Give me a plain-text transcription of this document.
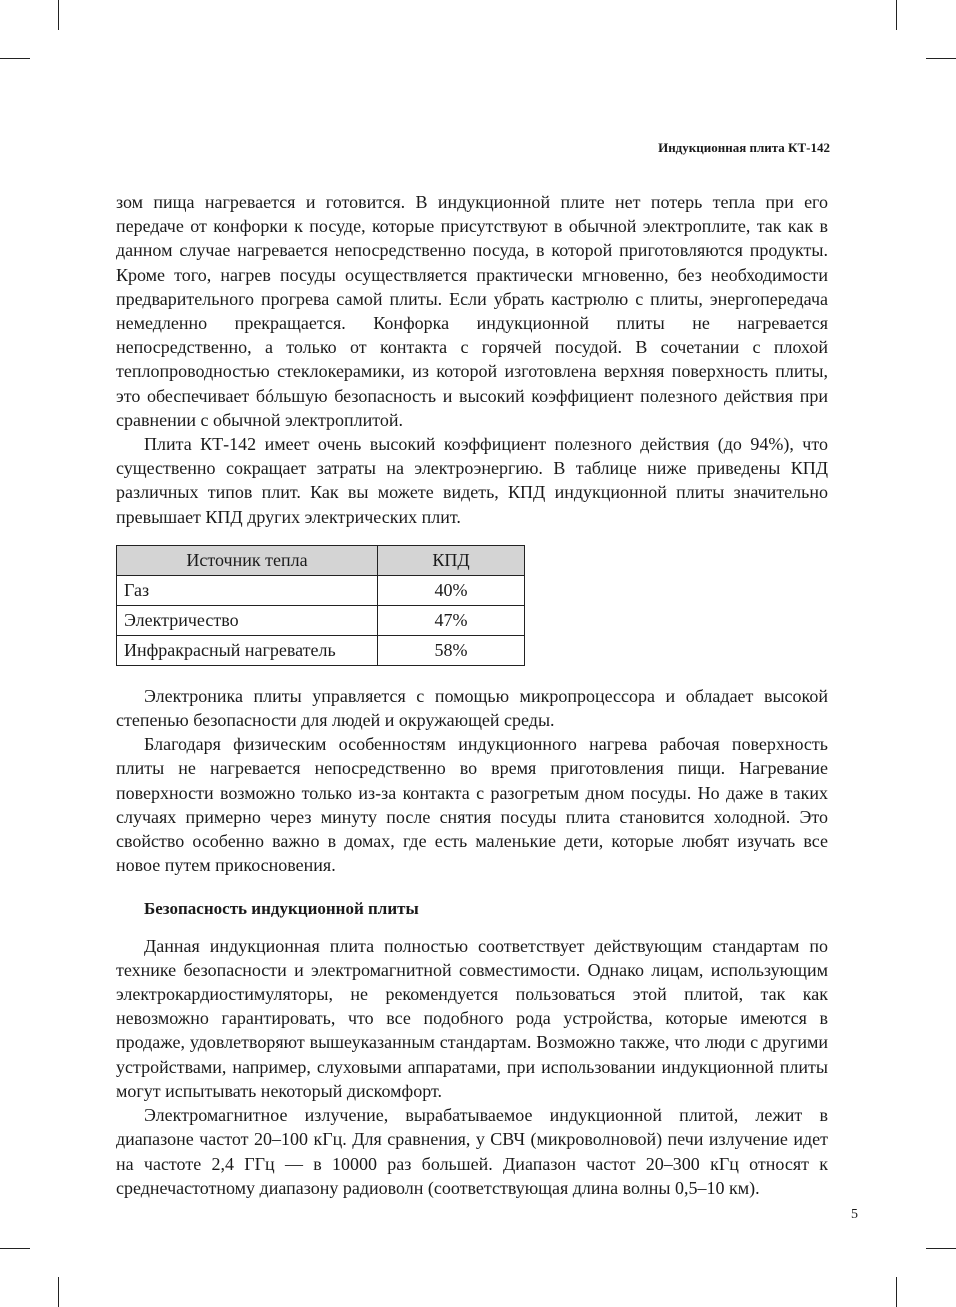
Индукционная плита КТ-142

зом пища нагревается и готовится. В индукционной плите нет потерь тепла при его передаче от конфорки к посуде, которые присутствуют в обычной электроплите, так как в данном случае нагревается непосредственно посуда, в которой приготовляются продукты. Кроме того, нагрев посуды осуществляется практически мгновенно, без необходимости предварительного прогрева самой плиты. Если убрать кастрюлю с плиты, энергопередача немедленно прекращается. Конфорка индукционной плиты не нагревается непосредственно, а только от контакта с горячей посудой. В сочетании с плохой теплопроводностью стеклокерамики, из которой изготовлена верхняя поверхность плиты, это обеспечивает бóльшую безопасность и высокий коэффициент полезного действия при сравнении с обычной электроплитой.

Плита КТ-142 имеет очень высокий коэффициент полезного действия (до 94%), что существенно сокращает затраты на электроэнергию. В таблице ниже приведены КПД различных типов плит. Как вы можете видеть, КПД индукционной плиты значительно превышает КПД других электрических плит.

Источник тепла	КПД
Газ	40%
Электричество	47%
Инфракрасный нагреватель	58%

Электроника плиты управляется с помощью микропроцессора и обладает высокой степенью безопасности для людей и окружающей среды.

Благодаря физическим особенностям индукционного нагрева рабочая поверхность плиты не нагревается непосредственно во время приготовления пищи. Нагревание поверхности возможно только из-за контакта с разогретым дном посуды. Но даже в таких случаях примерно через минуту после снятия посуды плита становится холодной. Это свойство особенно важно в домах, где есть маленькие дети, которые любят изучать все новое путем прикосновения.

Безопасность индукционной плиты

Данная индукционная плита полностью соответствует действующим стандартам по технике безопасности и электромагнитной совместимости. Однако лицам, использующим электрокардиостимуляторы, не рекомендуется пользоваться этой плитой, так как невозможно гарантировать, что все подобного рода устройства, которые имеются в продаже, удовлетворяют вышеуказанным стандартам. Возможно также, что люди с другими устройствами, например, слуховыми аппаратами, при использовании индукционной плиты могут испытывать некоторый дискомфорт.

Электромагнитное излучение, вырабатываемое индукционной плитой, лежит в диапазоне частот 20–100 кГц. Для сравнения, у СВЧ (микроволновой) печи излучение идет на частоте 2,4 ГГц — в 10000 раз большей. Диапазон частот 20–300 кГц относят к среднечастотному диапазону радиоволн (соответствующая длина волны 0,5–10 км).

5
